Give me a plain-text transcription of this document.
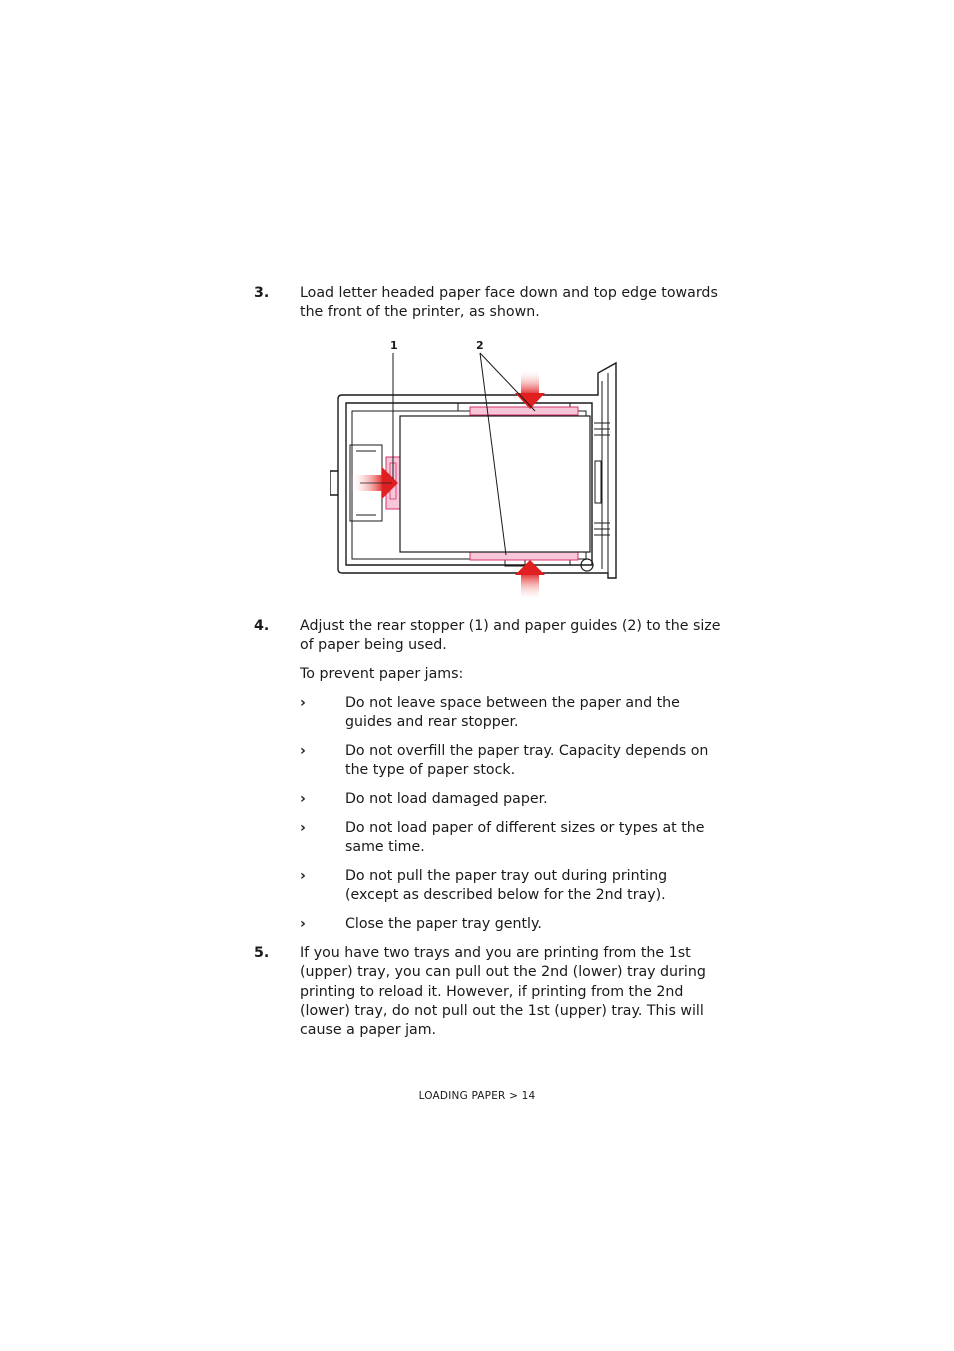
3. Load letter headed paper face down and top edge towards the front of the printer, as shown.
1	2
4. Adjust the rear stopper (1) and paper guides (2) to the size of paper being used.
To prevent paper jams:
›	Do not leave space between the paper and the guides and rear stopper.
›	Do not overfill the paper tray. Capacity depends on the type of paper stock.
›	Do not load damaged paper.
›	Do not load paper of different sizes or types at the same time.
›	Do not pull the paper tray out during printing (except as described below for the 2nd tray).
›	Close the paper tray gently.
5. If you have two trays and you are printing from the 1st (upper) tray, you can pull out the 2nd (lower) tray during printing to reload it. However, if printing from the 2nd (lower) tray, do not pull out the 1st (upper) tray. This will cause a paper jam.
LOADING PAPER > 14
